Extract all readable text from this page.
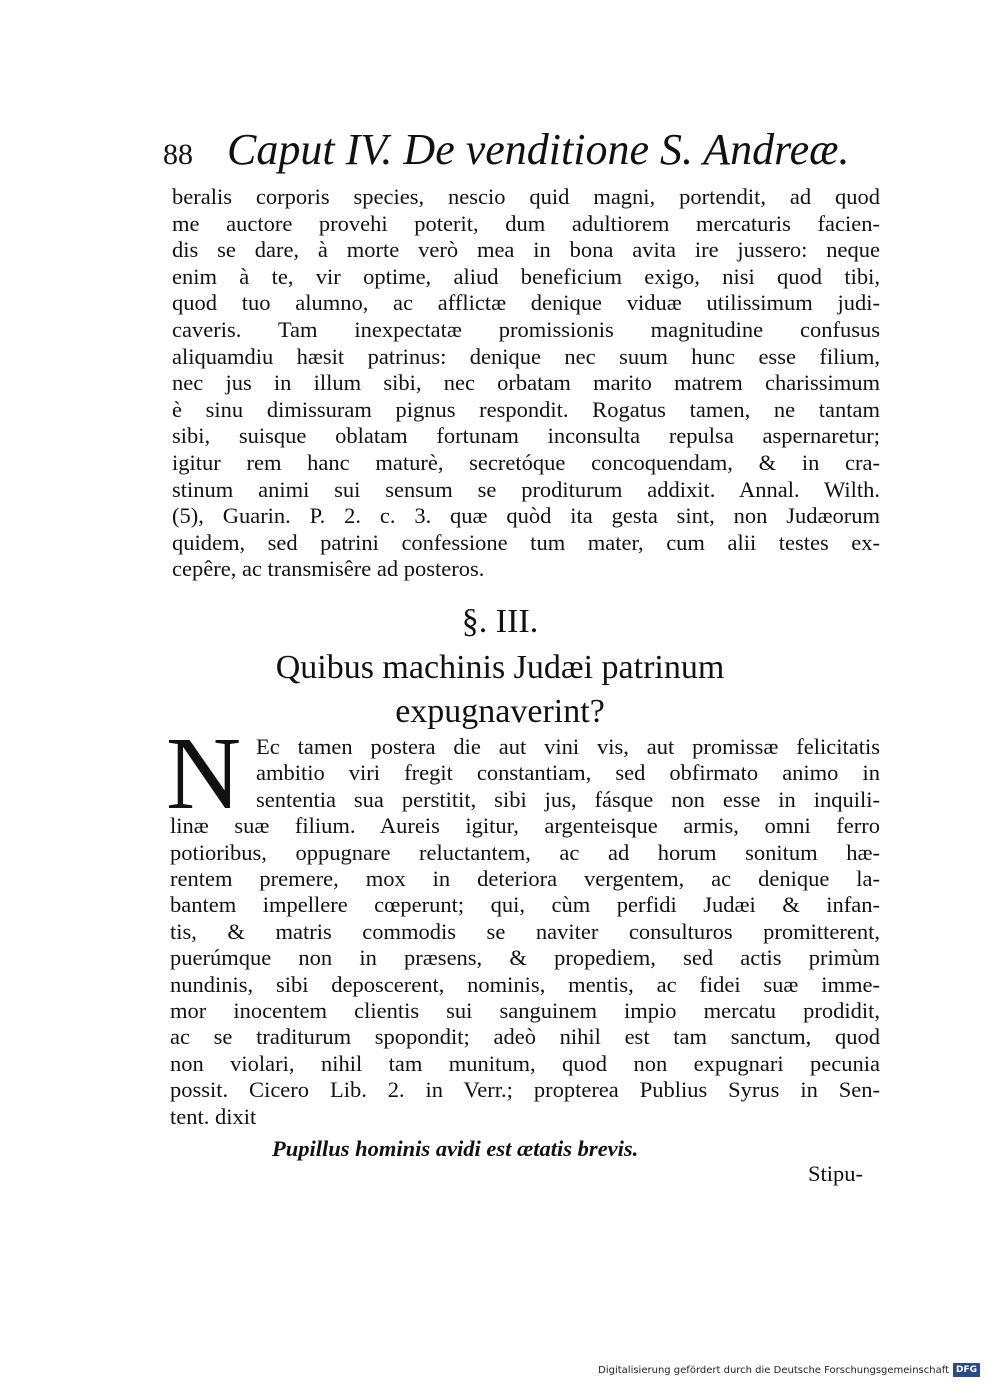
88 Caput IV. De venditione S. Andreæ.
beralis corporis species, nescio quid magni, portendit, ad quod
me auctore provehi poterit, dum adultiorem mercaturis facien-
dis se dare, à morte verò mea in bona avita ire jussero: neque
enim à te, vir optime, aliud beneficium exigo, nisi quod tibi,
quod tuo alumno, ac afflictæ denique viduæ utilissimum judi-
caveris. Tam inexpectatæ promissionis magnitudine confusus
aliquamdiu hæsit patrinus: denique nec suum hunc esse filium,
nec jus in illum sibi, nec orbatam marito matrem charissimum
è sinu dimissuram pignus respondit. Rogatus tamen, ne tantam
sibi, suisque oblatam fortunam inconsulta repulsa aspernaretur;
igitur rem hanc maturè, secretóque concoquendam, & in cra-
stinum animi sui sensum se proditurum addixit. Annal. Wilth.
(5), Guarin. P. 2. c. 3. quæ quòd ita gesta sint, non Judæorum
quidem, sed patrini confessione tum mater, cum alii testes ex-
cepêre, ac transmisêre ad posteros.
§. III.
Quibus machinis Judæi patrinum
expugnaverint?
N Ec tamen postera die aut vini vis, aut promissæ felicitatis
ambitio viri fregit constantiam, sed obfirmato animo in
sententia sua perstitit, sibi jus, fásque non esse in inquili-
linæ suæ filium. Aureis igitur, argenteisque armis, omni ferro
potioribus, oppugnare reluctantem, ac ad horum sonitum hæ-
rentem premere, mox in deteriora vergentem, ac denique la-
bantem impellere cœperunt; qui, cùm perfidi Judæi & infan-
tis, & matris commodis se naviter consulturos promitterent,
puerúmque non in præsens, & propediem, sed actis primùm
nundinis, sibi deposcerent, nominis, mentis, ac fidei suæ imme-
mor inocentem clientis sui sanguinem impio mercatu prodidit,
ac se traditurum spopondit; adeò nihil est tam sanctum, quod
non violari, nihil tam munitum, quod non expugnari pecunia
possit. Cicero Lib. 2. in Verr.; propterea Publius Syrus in Sen-
tent. dixit
Pupillus hominis avidi est ætatis brevis.
Stipu-
Digitalisierung gefördert durch die Deutsche Forschungsgemeinschaft DFG
